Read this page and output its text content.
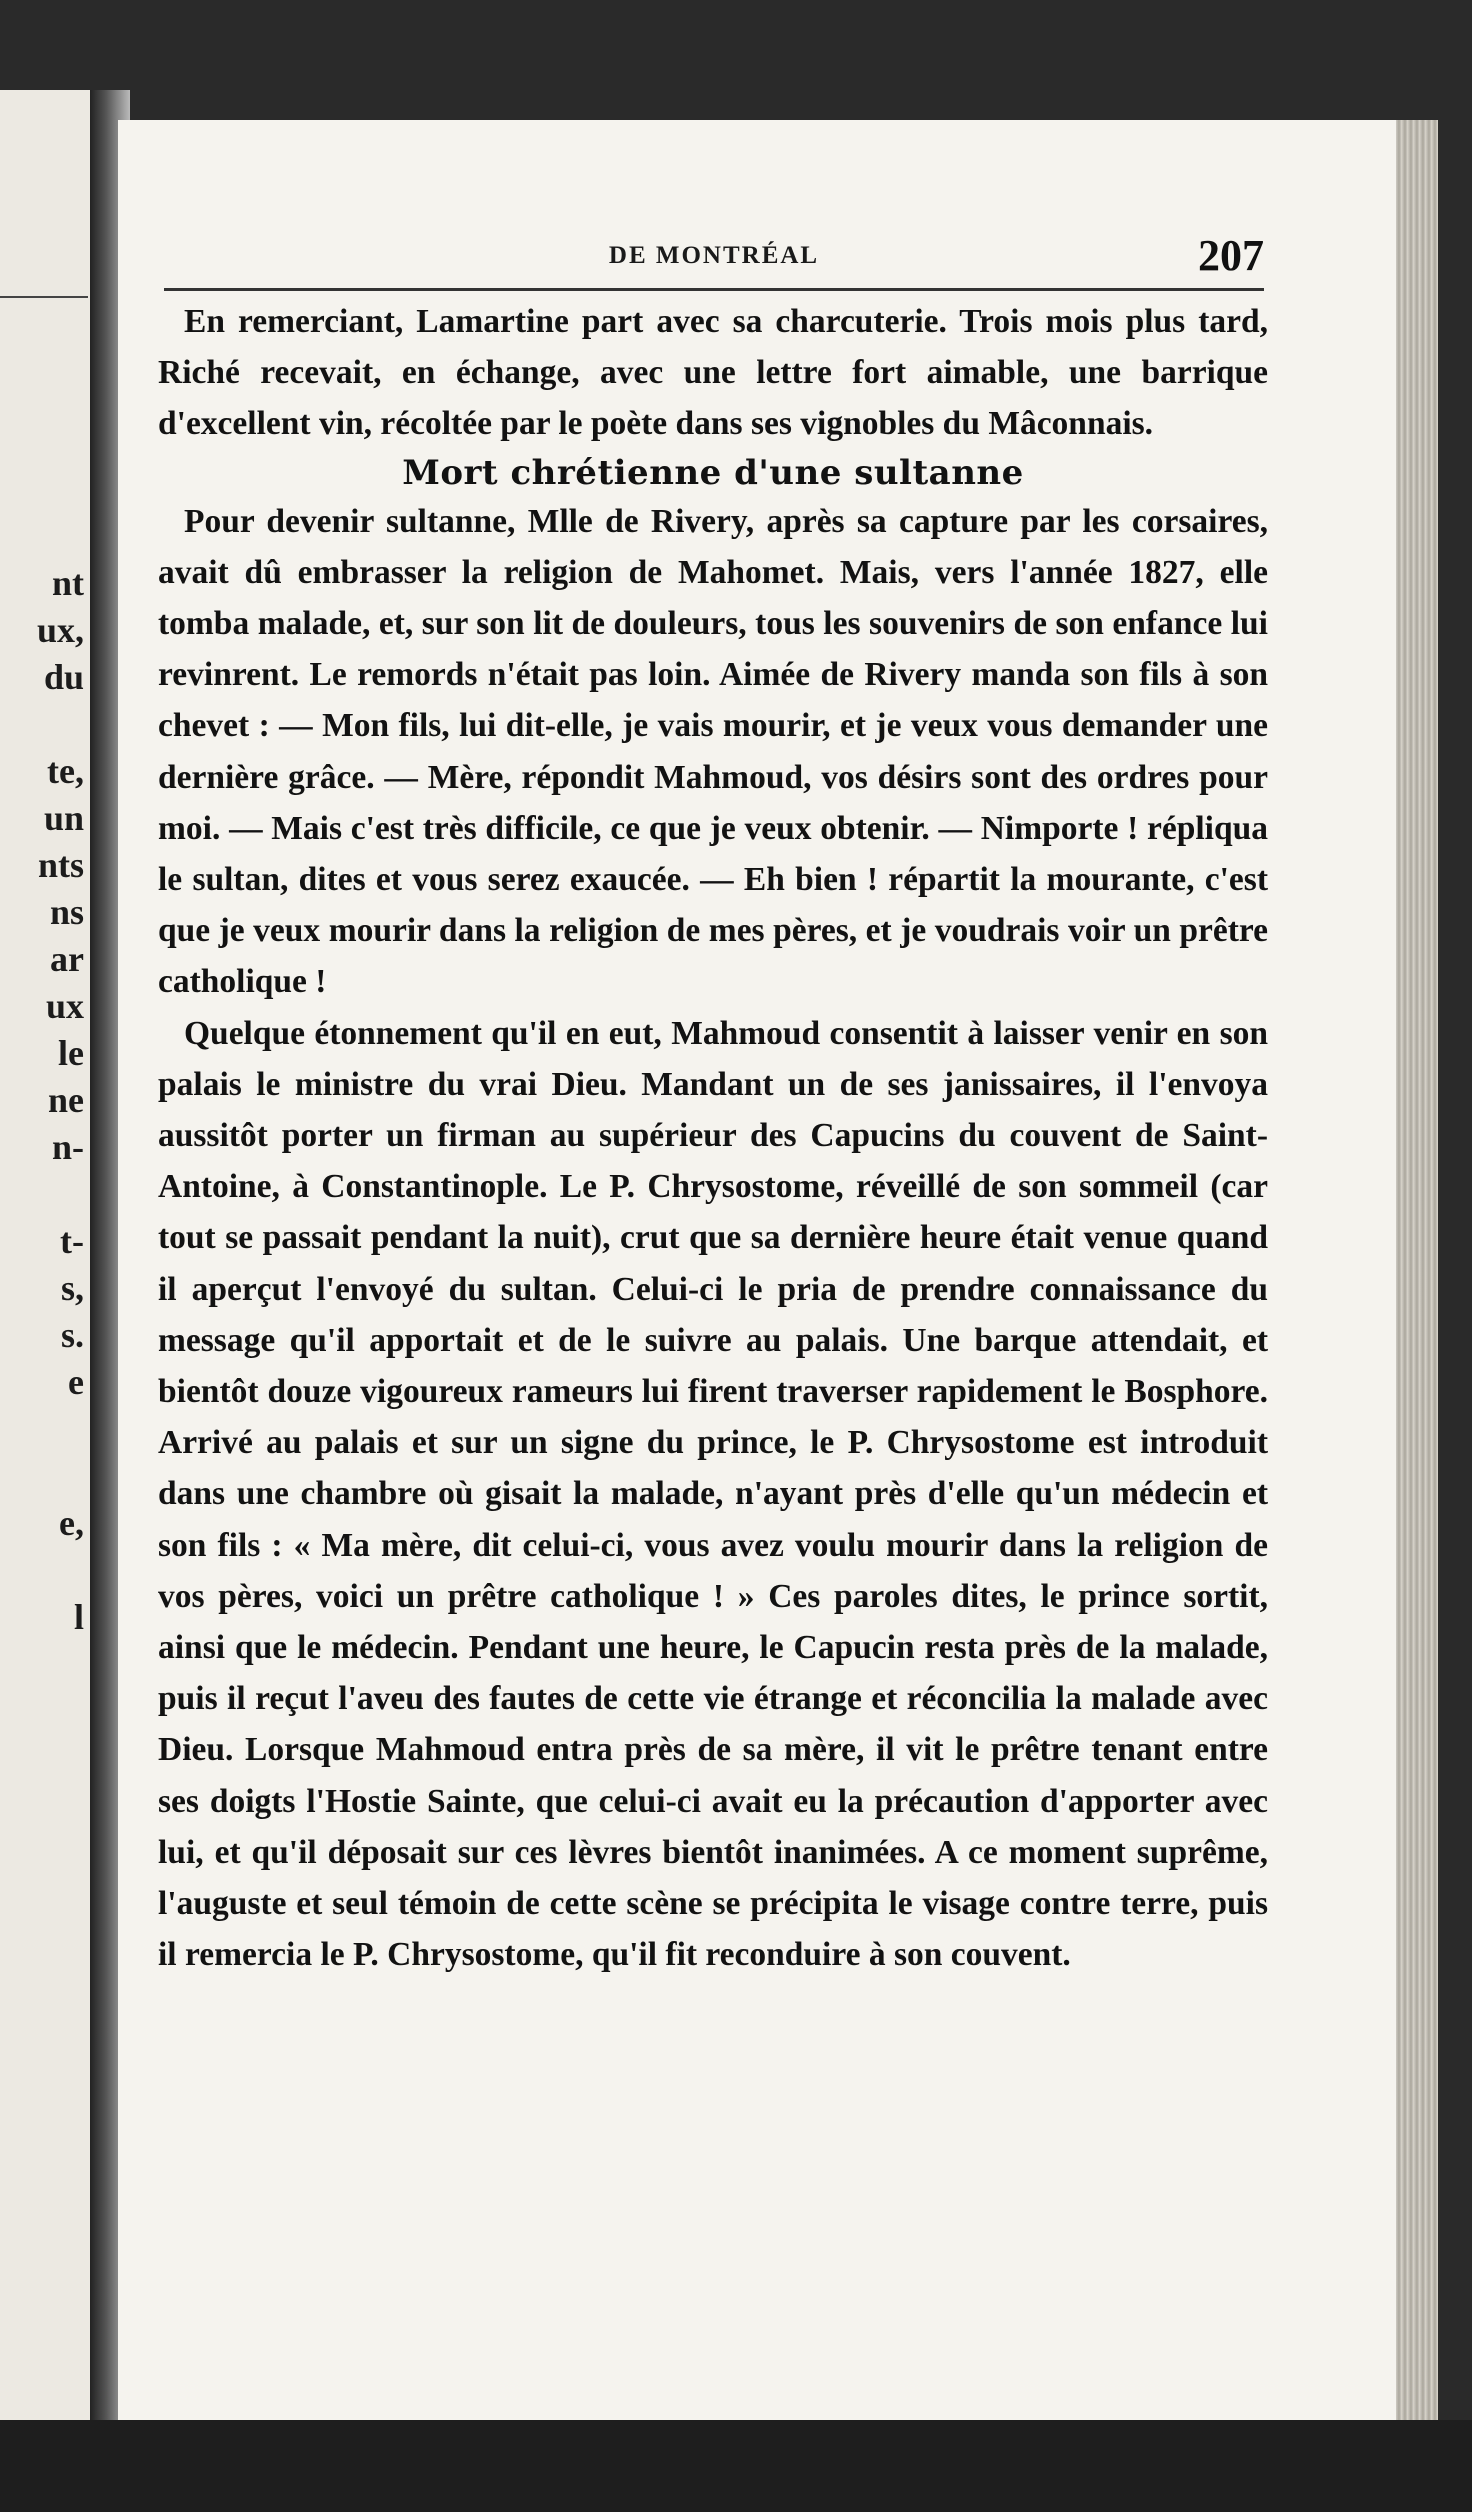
nt
ux,
du

te,
un
nts
ns
ar
ux
le
ne
n-

t-
s,
s.
e

e,

l
DE MONTRÉAL	207

En remerciant, Lamartine part avec sa charcuterie. Trois mois plus tard, Riché recevait, en échange, avec une lettre fort aimable, une barrique d'excellent vin, récoltée par le poète dans ses vignobles du Mâconnais.

Mort chrétienne d'une sultanne

Pour devenir sultanne, Mlle de Rivery, après sa capture par les corsaires, avait dû embrasser la religion de Mahomet. Mais, vers l'année 1827, elle tomba malade, et, sur son lit de douleurs, tous les souvenirs de son enfance lui revinrent. Le remords n'était pas loin. Aimée de Rivery manda son fils à son chevet : — Mon fils, lui dit-elle, je vais mourir, et je veux vous demander une dernière grâce. — Mère, répondit Mahmoud, vos désirs sont des ordres pour moi. — Mais c'est très difficile, ce que je veux obtenir. — Nimporte ! répliqua le sultan, dites et vous serez exaucée. — Eh bien ! répartit la mourante, c'est que je veux mourir dans la religion de mes pères, et je voudrais voir un prêtre catholique !

Quelque étonnement qu'il en eut, Mahmoud consentit à laisser venir en son palais le ministre du vrai Dieu. Mandant un de ses janissaires, il l'envoya aussitôt porter un firman au supérieur des Capucins du couvent de Saint-Antoine, à Constantinople. Le P. Chrysostome, réveillé de son sommeil (car tout se passait pendant la nuit), crut que sa dernière heure était venue quand il aperçut l'envoyé du sultan. Celui-ci le pria de prendre connaissance du message qu'il apportait et de le suivre au palais. Une barque attendait, et bientôt douze vigoureux rameurs lui firent traverser rapidement le Bosphore. Arrivé au palais et sur un signe du prince, le P. Chrysostome est introduit dans une chambre où gisait la malade, n'ayant près d'elle qu'un médecin et son fils : « Ma mère, dit celui-ci, vous avez voulu mourir dans la religion de vos pères, voici un prêtre catholique ! » Ces paroles dites, le prince sortit, ainsi que le médecin. Pendant une heure, le Capucin resta près de la malade, puis il reçut l'aveu des fautes de cette vie étrange et réconcilia la malade avec Dieu. Lorsque Mahmoud entra près de sa mère, il vit le prêtre tenant entre ses doigts l'Hostie Sainte, que celui-ci avait eu la précaution d'apporter avec lui, et qu'il déposait sur ces lèvres bientôt inanimées. A ce moment suprême, l'auguste et seul témoin de cette scène se précipita le visage contre terre, puis il remercia le P. Chrysostome, qu'il fit reconduire à son couvent.
